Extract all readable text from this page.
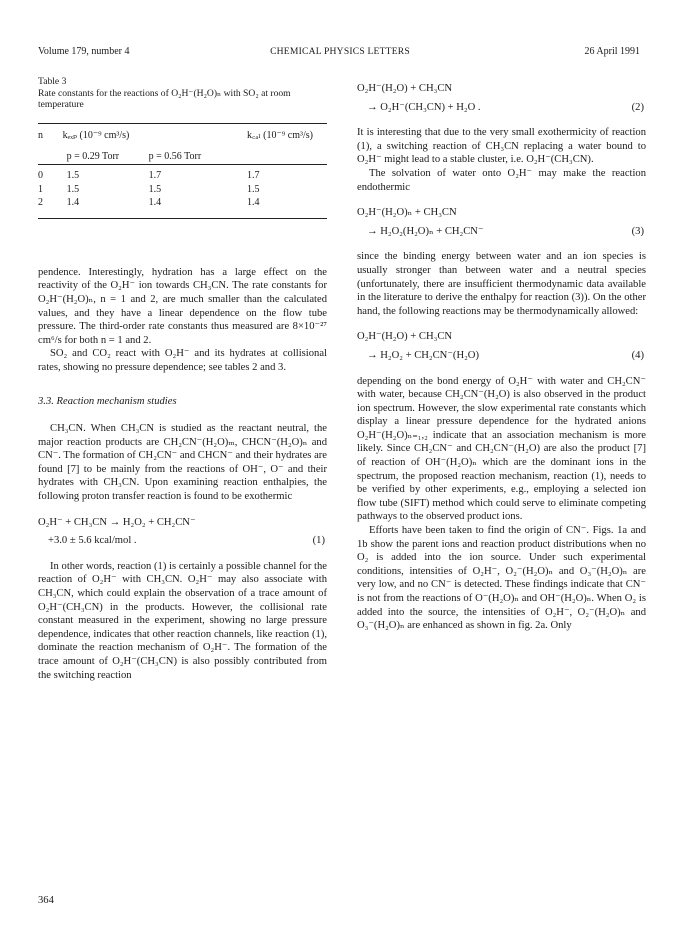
Volume 179, number 4	CHEMICAL PHYSICS LETTERS	26 April 1991
Table 3
Rate constants for the reactions of O₂H⁻(H₂O)ₙ with SO₂ at room temperature
n	kₑₓₚ (10⁻⁹ cm³/s)		k꜀ₐₗ (10⁻⁹ cm³/s)

	p = 0.29 Torr	p = 0.56 Torr	
0	1.5	1.7	1.7
1	1.5	1.5	1.5
2	1.4	1.4	1.4

pendence. Interestingly, hydration has a large effect on the reactivity of the O₂H⁻ ion towards CH₃CN. The rate constants for O₂H⁻(H₂O)ₙ, n = 1 and 2, are much smaller than the calculated values, and they have a linear dependence on the flow tube pressure. The third-order rate constants thus measured are 8×10⁻²⁷ cm⁶/s for both n = 1 and 2.

SO₂ and CO₂ react with O₂H⁻ and its hydrates at collisional rates, showing no pressure dependence; see tables 2 and 3.

3.3. Reaction mechanism studies

CH₃CN. When CH₃CN is studied as the reactant neutral, the major reaction products are CH₂CN⁻(H₂O)ₘ, CHCN⁻(H₂O)ₙ and CN⁻. The formation of CH₂CN⁻ and CHCN⁻ and their hydrates are found [7] to be mainly from the reactions of OH⁻, O⁻ and their hydrates with CH₃CN. Upon examining reaction enthalpies, the following proton transfer reaction is found to be exothermic

O₂H⁻ + CH₃CN → H₂O₂ + CH₂CN⁻
+3.0 ± 5.6 kcal/mol .	(1)

In other words, reaction (1) is certainly a possible channel for the reaction of O₂H⁻ with CH₃CN. O₂H⁻ may also associate with CH₃CN, which could explain the observation of a trace amount of O₂H⁻(CH₃CN) in the products. However, the collisional rate constant measured in the experiment, showing no large pressure dependence, indicates that other reaction channels, like reaction (1), dominate the reaction mechanism of O₂H⁻. The formation of the trace amount of O₂H⁻(CH₃CN) is also possibly contributed from the switching reaction

O₂H⁻(H₂O) + CH₃CN
→ O₂H⁻(CH₃CN) + H₂O .	(2)

It is interesting that due to the very small exothermicity of reaction (1), a switching reaction of CH₃CN replacing a water bound to O₂H⁻ might lead to a stable cluster, i.e. O₂H⁻(CH₃CN).

The solvation of water onto O₂H⁻ may make the reaction endothermic

O₂H⁻(H₂O)ₙ + CH₃CN
→ H₂O₂(H₂O)ₙ + CH₂CN⁻	(3)

since the binding energy between water and an ion species is usually stronger than between water and a neutral species (unfortunately, there are insufficient thermodynamic data available in the literature to derive the enthalpy for reaction (3)). On the other hand, the following reactions may be thermodynamically allowed:

O₂H⁻(H₂O) + CH₃CN
→ H₂O₂ + CH₂CN⁻(H₂O)	(4)

depending on the bond energy of O₂H⁻ with water and CH₂CN⁻ with water, because CH₂CN⁻(H₂O) is also observed in the product ion spectrum. However, the slow experimental rate constants which display a linear pressure dependence for the hydrated anions O₂H⁻(H₂O)ₙ₌₁,₂ indicate that an association mechanism is more likely. Since CH₂CN⁻ and CH₂CN⁻(H₂O) are also the product [7] of reaction of OH⁻(H₂O)ₙ which are the dominant ions in the spectrum, the proposed reaction mechanism, reaction (1), needs to be verified by other experiments, e.g., employing a selected ion flow tube (SIFT) method which could serve to eliminate competing pathways to the observed product ions.

Efforts have been taken to find the origin of CN⁻. Figs. 1a and 1b show the parent ions and reaction product distributions when no O₂ is added into the ion source. Under such experimental conditions, intensities of O₂H⁻, O₂⁻(H₂O)ₙ and O₃⁻(H₂O)ₙ are very low, and no CN⁻ is detected. These findings indicate that CN⁻ is not from the reactions of O⁻(H₂O)ₙ and OH⁻(H₂O)ₙ. When O₂ is added into the source, the intensities of O₂H⁻, O₂⁻(H₂O)ₙ and O₃⁻(H₂O)ₙ are enhanced as shown in fig. 2a. Only

364
